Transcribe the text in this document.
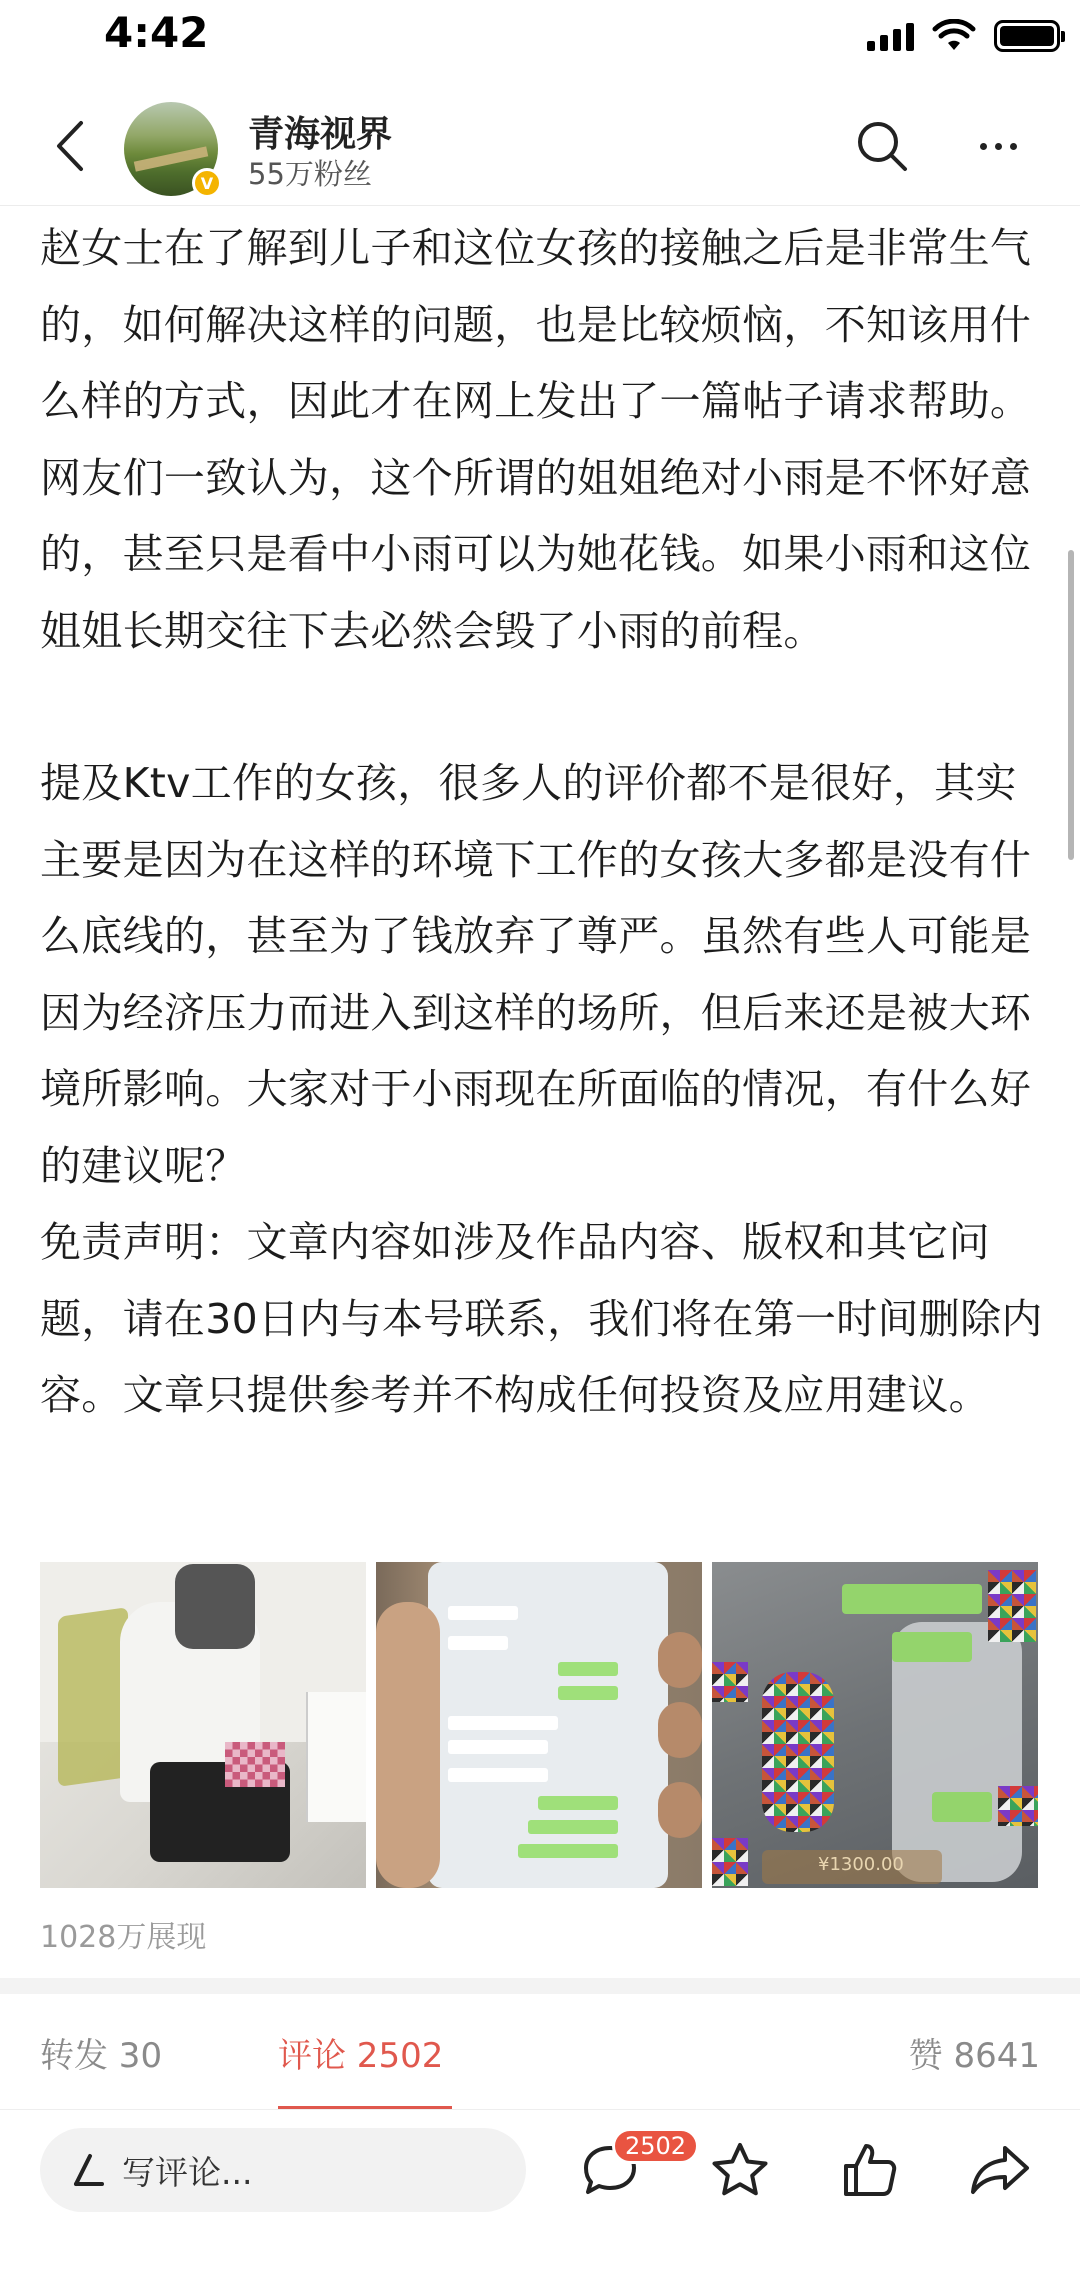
4:42
V
青海视界
55万粉丝

赵女士在了解到儿子和这位女孩的接触之后是非常生气的，如何解决这样的问题，也是比较烦恼，不知该用什么样的方式，因此才在网上发出了一篇帖子请求帮助。网友们一致认为，这个所谓的姐姐绝对小雨是不怀好意的，甚至只是看中小雨可以为她花钱。如果小雨和这位姐姐长期交往下去必然会毁了小雨的前程。

提及Ktv工作的女孩，很多人的评价都不是很好，其实主要是因为在这样的环境下工作的女孩大多都是没有什么底线的，甚至为了钱放弃了尊严。虽然有些人可能是因为经济压力而进入到这样的场所，但后来还是被大环境所影响。大家对于小雨现在所面临的情况，有什么好的建议呢？

免责声明：文章内容如涉及作品内容、版权和其它问题，请在30日内与本号联系，我们将在第一时间删除内容。文章只提供参考并不构成任何投资及应用建议。

¥1300.00
1028万展现
转发 30	评论 2502	赞 8641
写评论...
2502
